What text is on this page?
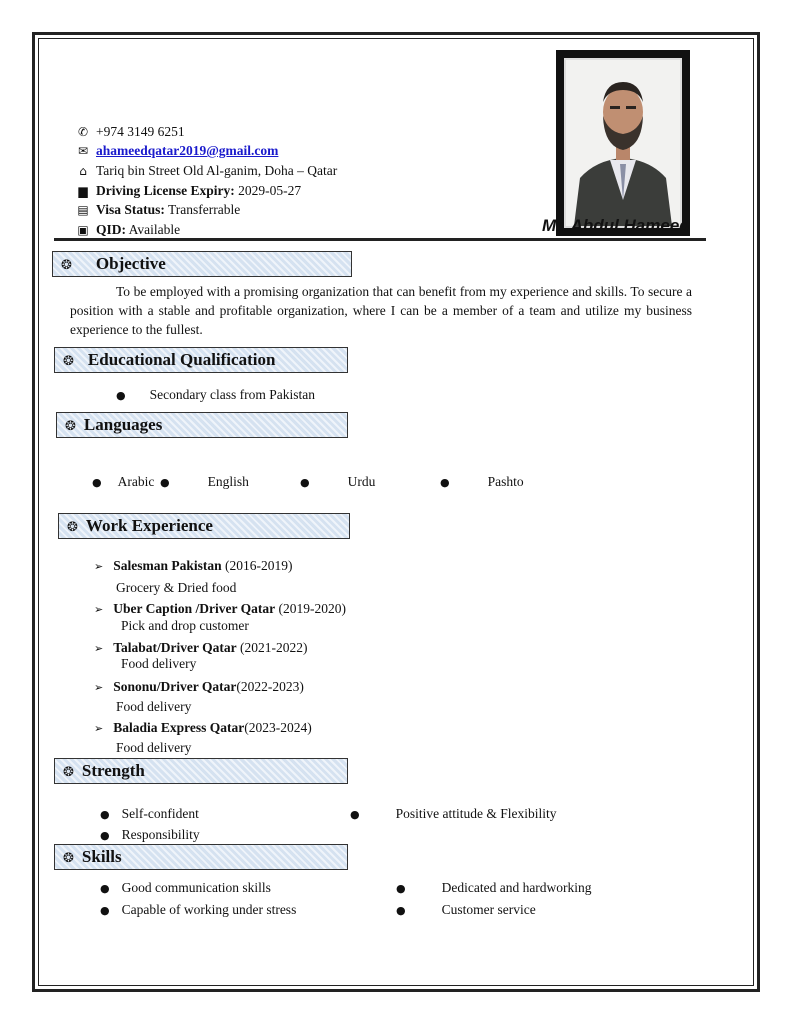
✆ +974 3149 6251
✉ ahameedqatar2019@gmail.com
⌂ Tariq bin Street Old Al-ganim, Doha – Qatar
▆ Driving License Expiry: 2029-05-27
▤ Visa Status: Transferrable
▣ QID: Available	Mr. Abdul Hameed
❂ Objective
To be employed with a promising organization that can benefit from my experience and skills. To secure a position with a stable and profitable organization, where I can be a member of a team and utilize my business experience to the fullest.
❂ Educational Qualification
● Secondary class from Pakistan
❂ Languages
● Arabic ●	English	●	Urdu	●	Pashto
❂ Work Experience
➢ Salesman Pakistan (2016-2019)
Grocery & Dried food
➢ Uber Caption /Driver Qatar (2019-2020)
Pick and drop customer
➢ Talabat/Driver Qatar (2021-2022)
Food delivery
➢ Sononu/Driver Qatar(2022-2023)
Food delivery
➢ Baladia Express Qatar(2023-2024)
Food delivery
❂ Strength
● Self-confident	●	Positive attitude & Flexibility
● Responsibility
❂ Skills
● Good communication skills	●	Dedicated and hardworking
● Capable of working under stress	●	Customer service
